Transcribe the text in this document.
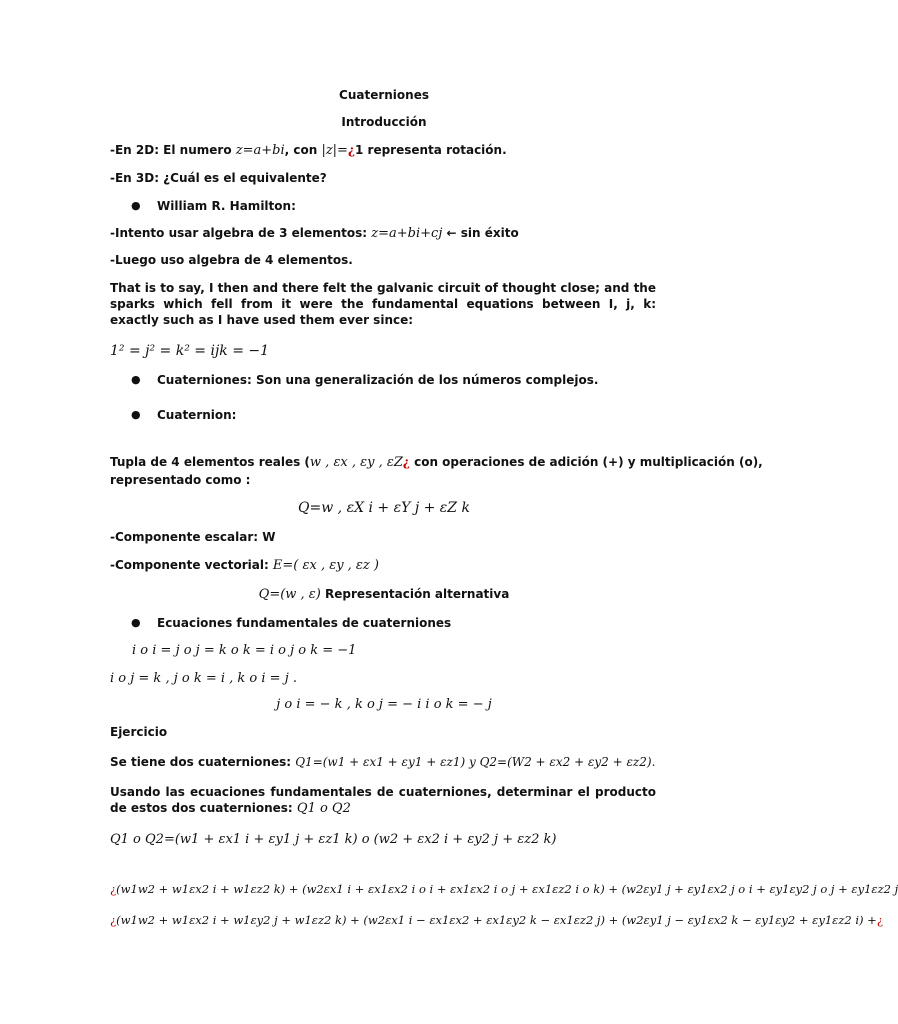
Cuaterniones
Introducción
-En 2D: El numero z=a+bi, con |z|=¿1 representa rotación.
-En 3D: ¿Cuál es el equivalente?
● William R. Hamilton:
-Intento usar algebra de 3 elementos: z=a+bi+cj ← sin éxito
-Luego uso algebra de 4 elementos.
That is to say, I then and there felt the galvanic circuit of thought close; and the sparks which fell from it were the fundamental equations between I, j, k: exactly such as I have used them ever since:
1² = j² = k² = ijk = −1
● Cuaterniones: Son una generalización de los números complejos.
● Cuaternion:
Tupla de 4 elementos reales (w , εx , εy , εZ¿ con operaciones de adición (+) y multiplicación (o),
representado como :
Q=w , εX i + εY j + εZ k
-Componente escalar: W
-Componente vectorial: E=( εx , εy , εz )
Q=(w , ε) Representación alternativa
● Ecuaciones fundamentales de cuaterniones
i o i = j o j = k o k = i o j o k = −1
i o j = k , j o k = i , k o i = j .
j o i = − k , k o j = − i i o k = − j
Ejercicio
Se tiene dos cuaterniones: Q1=(w1 + εx1 + εy1 + εz1) y Q2=(W2 + εx2 + εy2 + εz2).
Usando las ecuaciones fundamentales de cuaterniones, determinar el producto de estos dos cuaterniones: Q1 o Q2
Q1 o Q2=(w1 + εx1 i + εy1 j + εz1 k) o (w2 + εx2 i + εy2 j + εz2 k)
¿(w1w2 + w1εx2 i + w1εz2 k) + (w2εx1 i + εx1εx2 i o i + εx1εx2 i o j + εx1εz2 i o k) + (w2εy1 j + εy1εx2 j o i + εy1εy2 j o j + εy1εz2 j
¿(w1w2 + w1εx2 i + w1εy2 j + w1εz2 k) + (w2εx1 i − εx1εx2 + εx1εy2 k − εx1εz2 j) + (w2εy1 j − εy1εx2 k − εy1εy2 + εy1εz2 i) +¿
